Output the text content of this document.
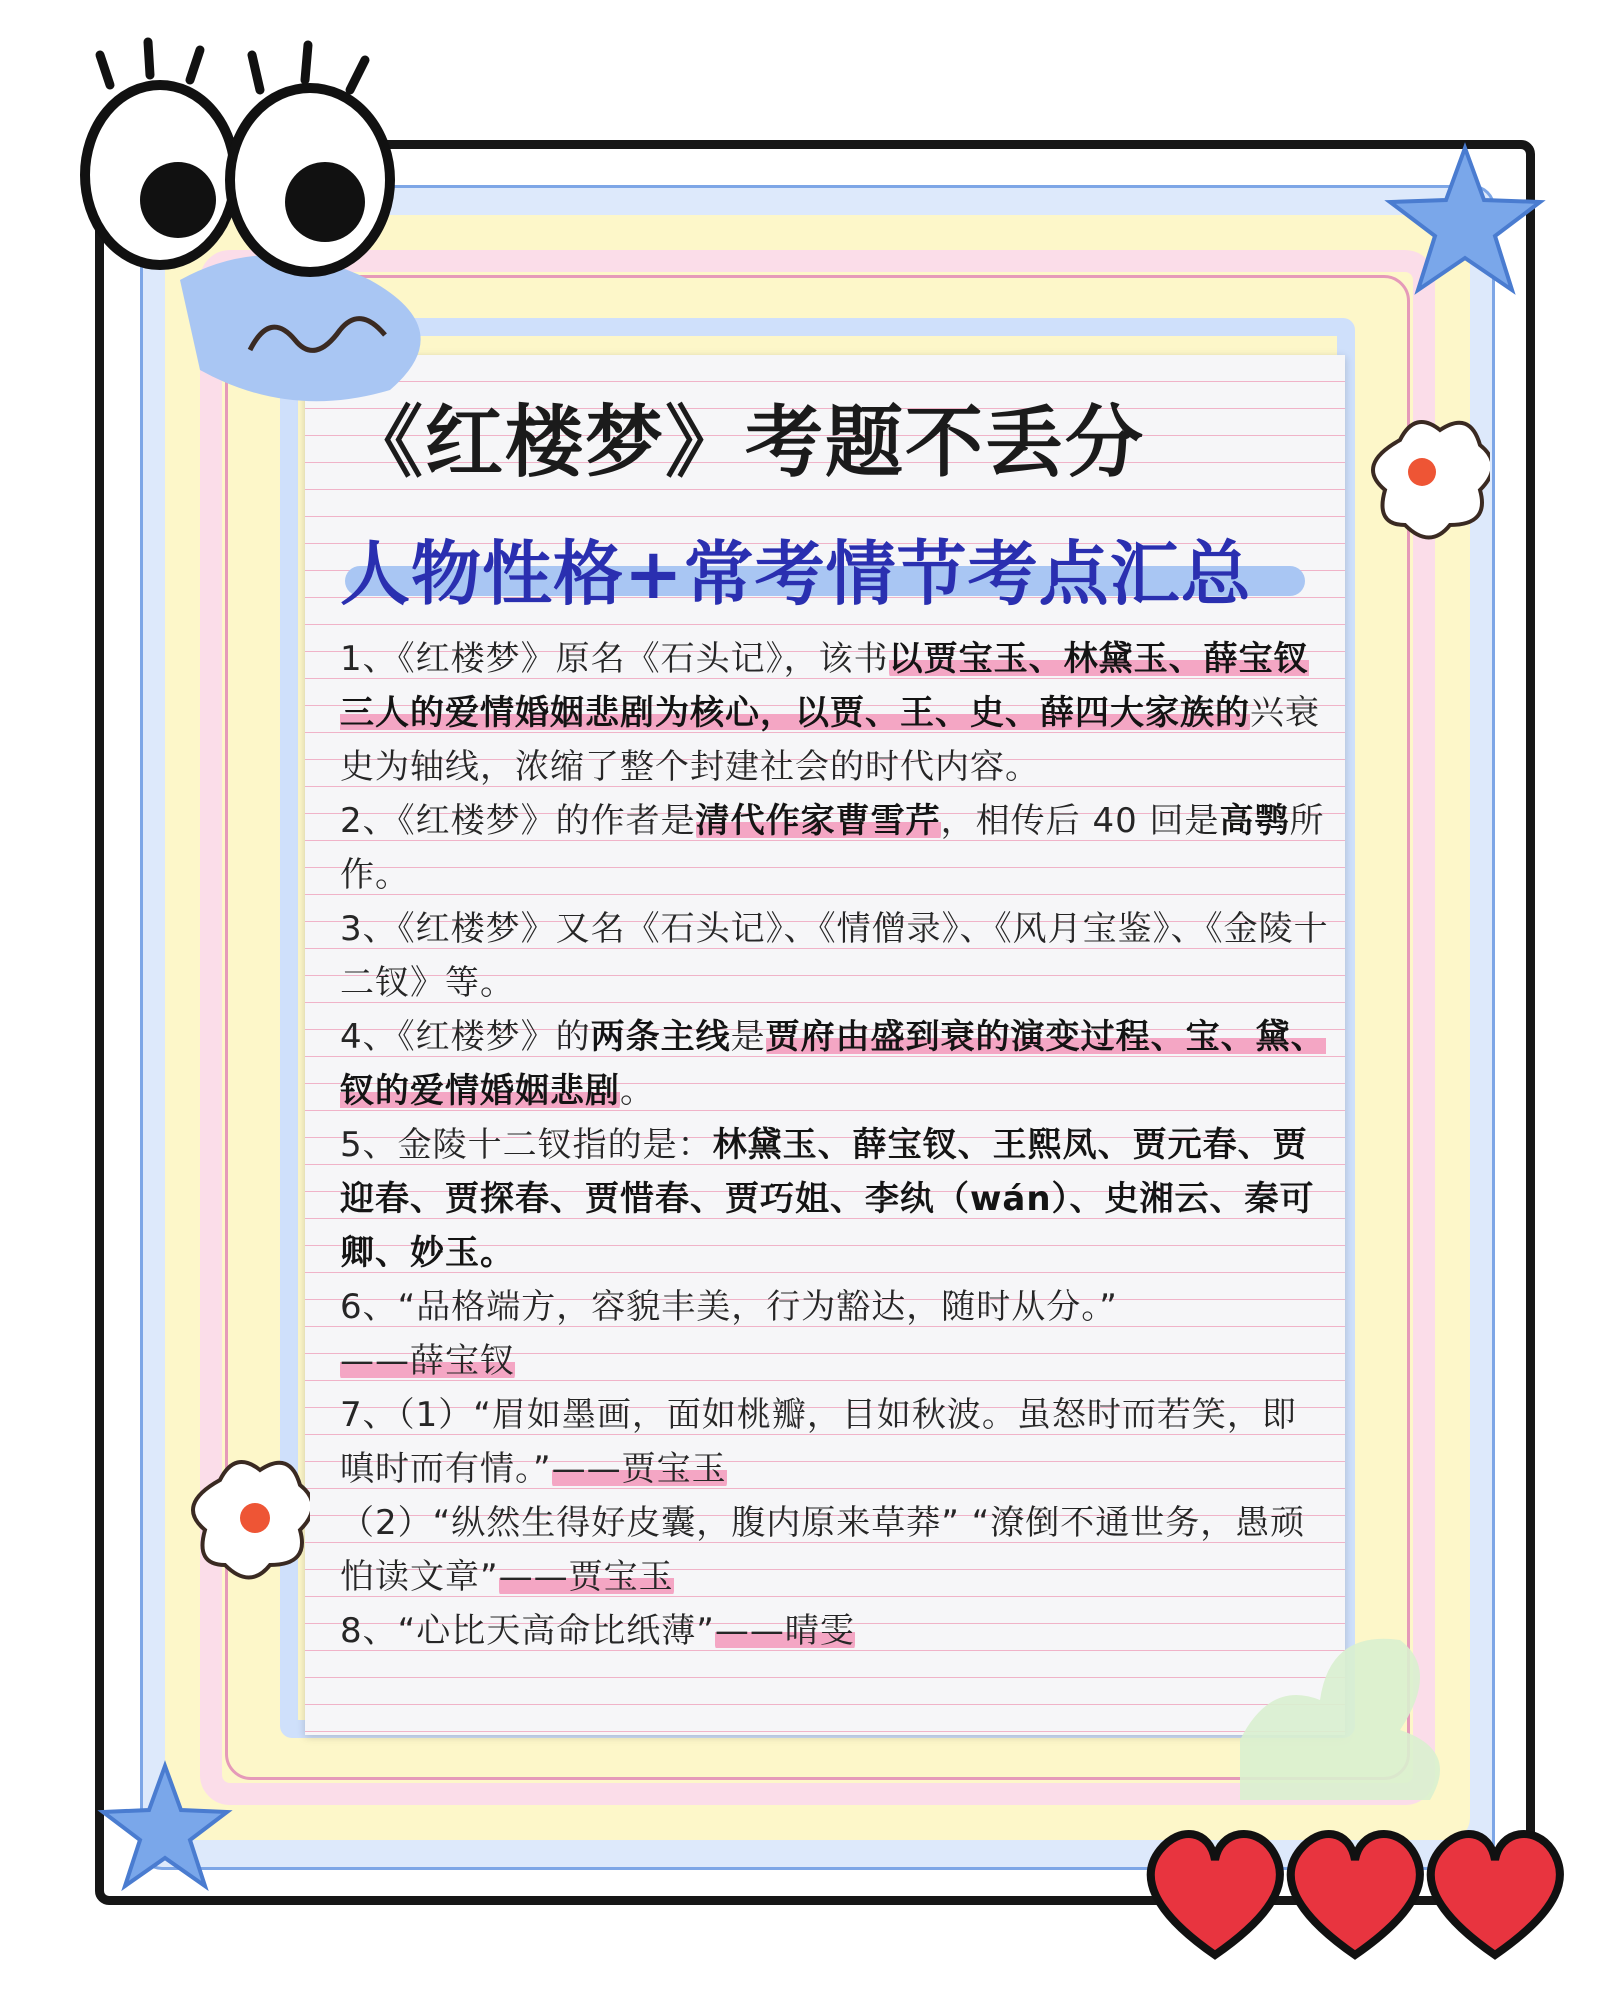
《红楼梦》考题不丢分
人物性格+常考情节考点汇总

1、《红楼梦》原名《石头记》，该书以贾宝玉、林黛玉、薛宝钗三人的爱情婚姻悲剧为核心，以贾、王、史、薛四大家族的兴衰史为轴线，浓缩了整个封建社会的时代内容。

2、《红楼梦》的作者是清代作家曹雪芹，相传后 40 回是高鹗所作。

3、《红楼梦》又名《石头记》、《情僧录》、《风月宝鉴》、《金陵十二钗》等。

4、《红楼梦》的两条主线是贾府由盛到衰的演变过程、宝、黛、钗的爱情婚姻悲剧。

5、金陵十二钗指的是：林黛玉、薛宝钗、王熙凤、贾元春、贾迎春、贾探春、贾惜春、贾巧姐、李纨（wán）、史湘云、秦可卿、妙玉。

6、“品格端方，容貌丰美，行为豁达，随时从分。”
——薛宝钗

7、（1）“眉如墨画，面如桃瓣，目如秋波。虽怒时而若笑，即嗔时而有情。”——贾宝玉

（2）“纵然生得好皮囊，腹内原来草莽” “潦倒不通世务，愚顽怕读文章”——贾宝玉

8、“心比天高命比纸薄”——晴雯
